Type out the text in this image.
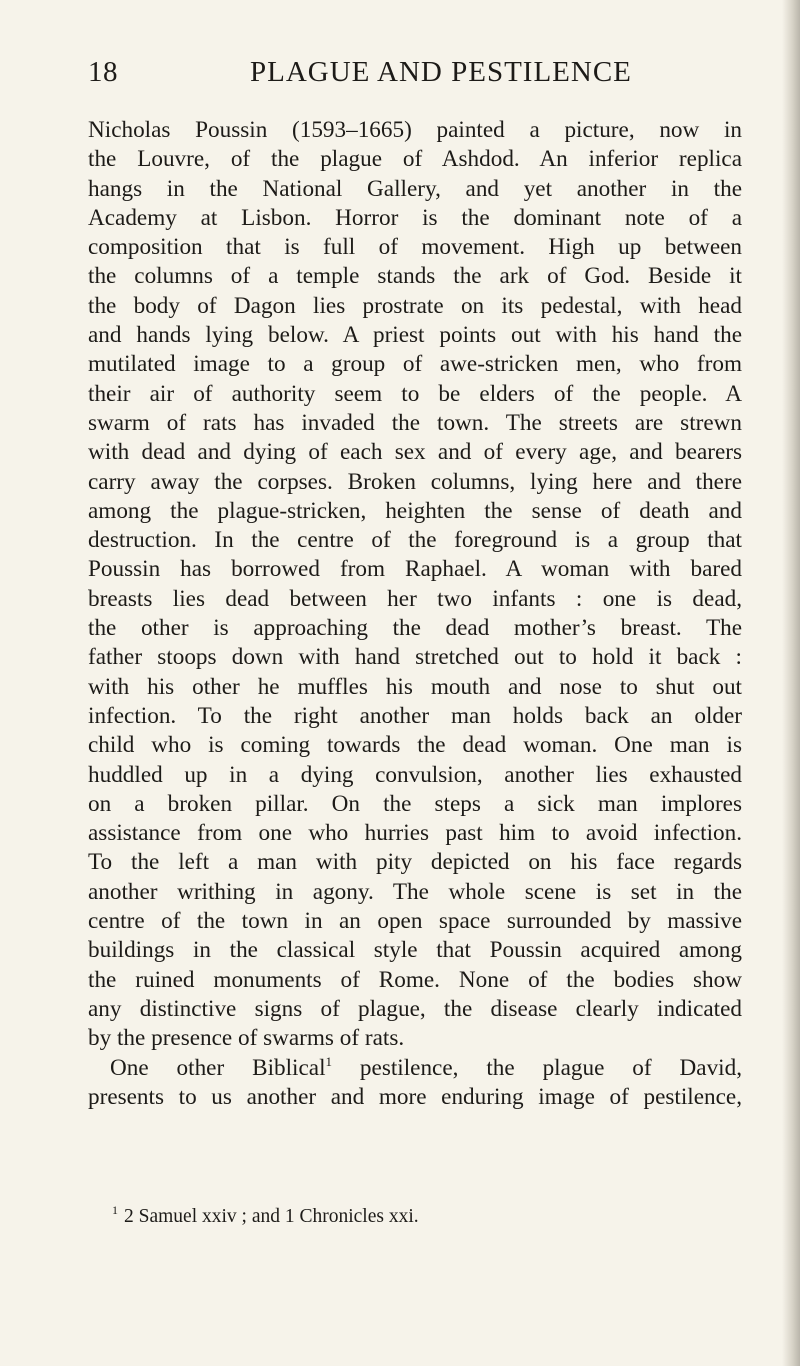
18	PLAGUE AND PESTILENCE
Nicholas Poussin (1593–1665) painted a picture, now in
the Louvre, of the plague of Ashdod. An inferior replica
hangs in the National Gallery, and yet another in the
Academy at Lisbon. Horror is the dominant note of a
composition that is full of movement. High up between
the columns of a temple stands the ark of God. Beside it
the body of Dagon lies prostrate on its pedestal, with head
and hands lying below. A priest points out with his hand the
mutilated image to a group of awe-stricken men, who from
their air of authority seem to be elders of the people. A
swarm of rats has invaded the town. The streets are strewn
with dead and dying of each sex and of every age, and bearers
carry away the corpses. Broken columns, lying here and there
among the plague-stricken, heighten the sense of death and
destruction. In the centre of the foreground is a group that
Poussin has borrowed from Raphael. A woman with bared
breasts lies dead between her two infants : one is dead,
the other is approaching the dead mother’s breast. The
father stoops down with hand stretched out to hold it back :
with his other he muffles his mouth and nose to shut out
infection. To the right another man holds back an older
child who is coming towards the dead woman. One man is
huddled up in a dying convulsion, another lies exhausted
on a broken pillar. On the steps a sick man implores
assistance from one who hurries past him to avoid infection.
To the left a man with pity depicted on his face regards
another writhing in agony. The whole scene is set in the
centre of the town in an open space surrounded by massive
buildings in the classical style that Poussin acquired among
the ruined monuments of Rome. None of the bodies show
any distinctive signs of plague, the disease clearly indicated
by the presence of swarms of rats.
One other Biblical$^1$ pestilence, the plague of David,
presents to us another and more enduring image of pestilence,
$^1$ 2 Samuel xxiv ; and 1 Chronicles xxi.
